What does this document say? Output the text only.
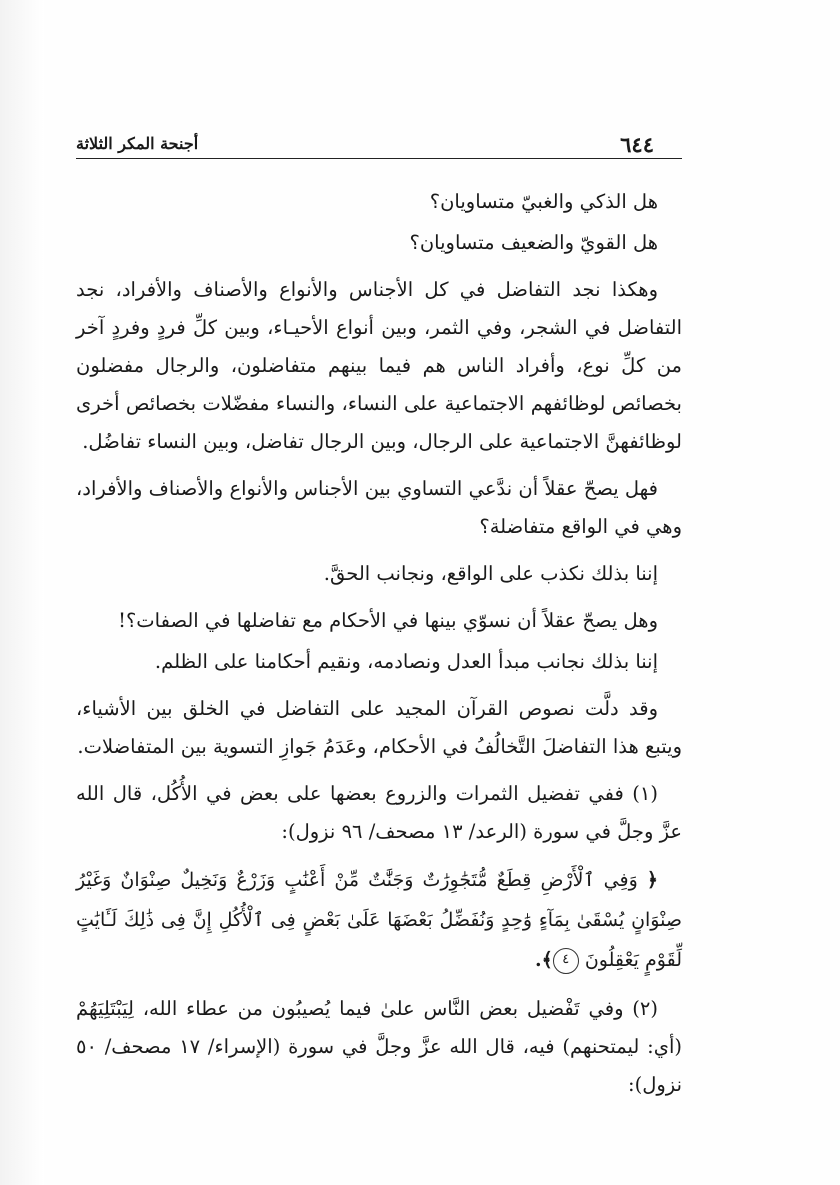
٦٤٤
أجنحة المكر الثلاثة

هل الذكي والغبيّ متساويان؟

هل القويّ والضعيف متساويان؟

وهكذا نجد التفاضل في كل الأجناس والأنواع والأصناف والأفراد، نجد التفاضل في الشجر، وفي الثمر، وبين أنواع الأحيـاء، وبين كلِّ فردٍ وفردٍ آخر من كلِّ نوع، وأفراد الناس هم فيما بينهم متفاضلون، والرجال مفضلون بخصائص لوظائفهم الاجتماعية على النساء، والنساء مفضّلات بخصائص أخرى لوظائفهنَّ الاجتماعية على الرجال، وبين الرجال تفاضل، وبين النساء تفاضُل.

فهل يصحّ عقلاً أن ندَّعي التساوي بين الأجناس والأنواع والأصناف والأفراد، وهي في الواقع متفاضلة؟

إننا بذلك نكذب على الواقع، ونجانب الحقَّ.

وهل يصحّ عقلاً أن نسوّي بينها في الأحكام مع تفاضلها في الصفات؟!

إننا بذلك نجانب مبدأ العدل ونصادمه، ونقيم أحكامنا على الظلم.

وقد دلَّت نصوص القرآن المجيد على التفاضل في الخلق بين الأشياء، ويتبع هذا التفاضلَ التَّخالُفُ في الأحكام، وعَدَمُ جَوازِ التسوية بين المتفاضلات.

(١) ففي تفضيل الثمرات والزروع بعضها على بعض في الأُكُل، قال الله عزَّ وجلَّ في سورة (الرعد/ ١٣ مصحف/ ٩٦ نزول):

﴿ وَفِي ٱلْأَرْضِ قِطَعٌ مُّتَجَٰوِرَٰتٌ وَجَنَّٰتٌ مِّنْ أَعْنَٰبٍ وَزَرْعٌ وَنَخِيلٌ صِنْوَانٌ وَغَيْرُ صِنْوَانٍ يُسْقَىٰ بِمَآءٍ وَٰحِدٍ وَنُفَضِّلُ بَعْضَهَا عَلَىٰ بَعْضٍ فِى ٱلْأُكُلِ إِنَّ فِى ذَٰلِكَ لَـَٔايَٰتٍ لِّقَوْمٍ يَعْقِلُونَ ٤﴾.

(٢) وفي تَفْضيل بعض النَّاس علىٰ فيما يُصيبُون من عطاء الله، لِيَبْتَلِيَهُمْ (أي: ليمتحنهم) فيه، قال الله عزَّ وجلَّ في سورة (الإسراء/ ١٧ مصحف/ ٥٠ نزول):
